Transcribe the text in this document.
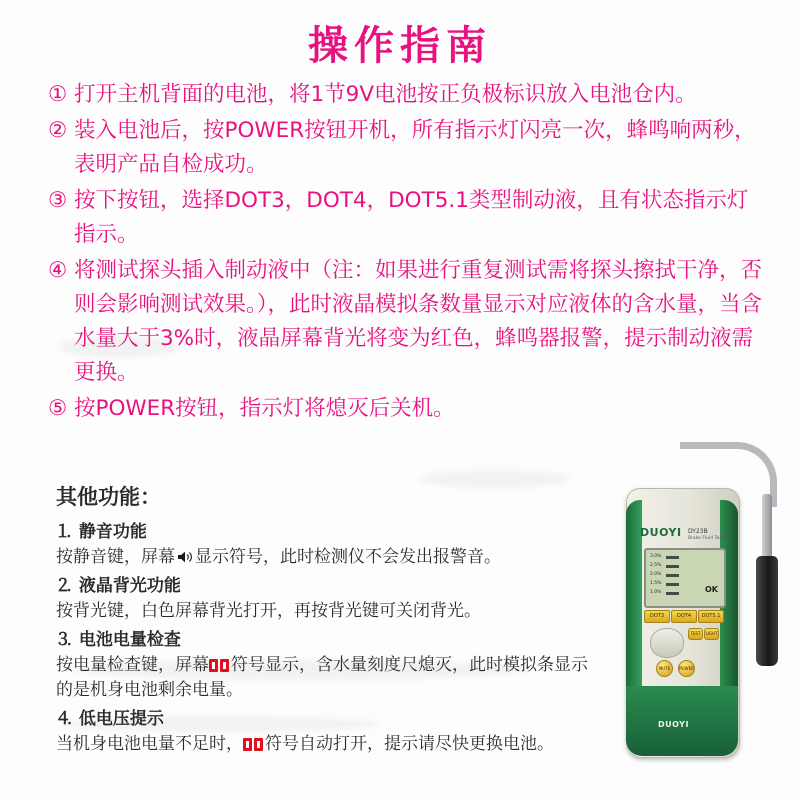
操作指南
① 打开主机背面的电池，将1节9V电池按正负极标识放入电池仓内。
② 装入电池后，按POWER按钮开机，所有指示灯闪亮一次，蜂鸣响两秒，表明产品自检成功。
③ 按下按钮，选择DOT3，DOT4，DOT5.1类型制动液，且有状态指示灯指示。
④ 将测试探头插入制动液中（注：如果进行重复测试需将探头擦拭干净，否则会影响测试效果。），此时液晶模拟条数量显示对应液体的含水量，当含水量大于3%时，液晶屏幕背光将变为红色，蜂鸣器报警，提示制动液需更换。
⑤ 按POWER按钮，指示灯将熄灭后关机。
其他功能：
⒈ 静音功能
按静音键，屏幕 显示符号，此时检测仪不会发出报警音。
⒉ 液晶背光功能
按背光键，白色屏幕背光打开，再按背光键可关闭背光。
⒊ 电池电量检查
按电量检查键，屏幕 符号显示，含水量刻度尺熄灭，此时模拟条显示的是机身电池剩余电量。
⒋ 低电压提示
当机身电池电量不足时， 符号自动打开，提示请尽快更换电池。
DUOYI DY23B
Brake Fluid Tester
3.0%
2.5%
2.0%
1.5%
1.0%	OK
DOT3	DOT4	DOT5.1
TEST	LIGHT
MUTE	POWER
DUOYI
